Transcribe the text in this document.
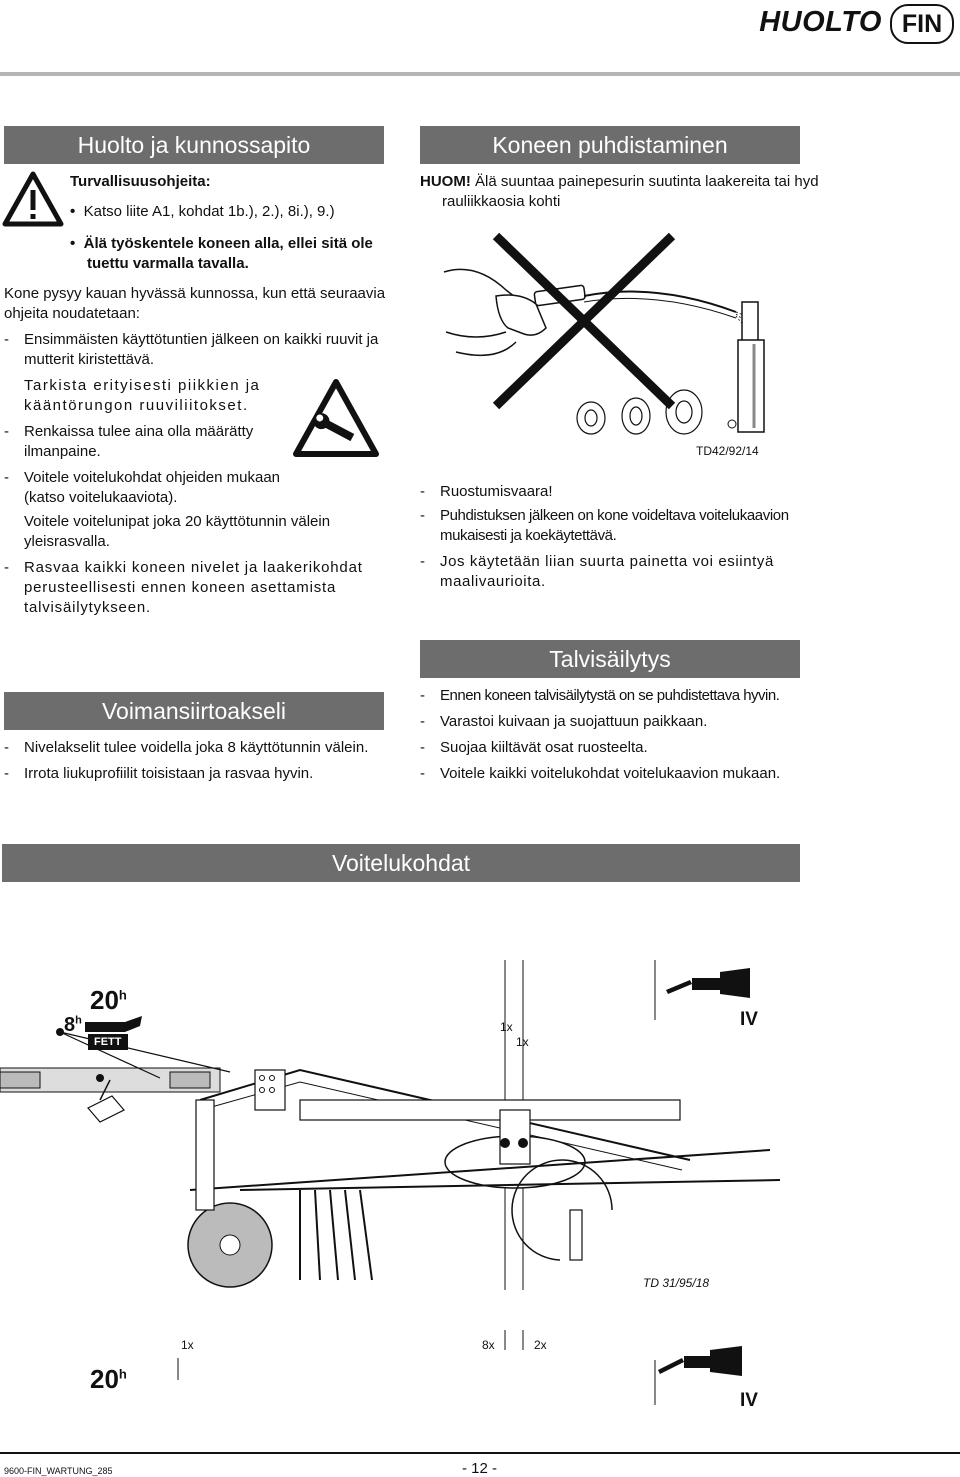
HUOLTO FIN
Huolto ja kunnossapito
Turvallisuusohjeita:
• Katso liite A1, kohdat 1b.), 2.), 8i.), 9.)
• Älä työskentele koneen alla, ellei sitä ole tuettu varmalla tavalla.
Kone pysyy kauan hyvässä kunnossa, kun että seuraavia ohjeita noudatetaan:
- Ensimmäisten käyttötuntien jälkeen on kaikki ruuvit ja mutterit kiristettävä.
Tarkista erityisesti piikkien ja kääntörungon ruuviliitokset.
- Renkaissa tulee aina olla määrätty ilmanpaine.
- Voitele voitelukohdat ohjeiden mukaan (katso voitelukaaviota).
Voitele voitelunipat joka 20 käyttötunnin välein yleisrasvalla.
- Rasvaa kaikki koneen nivelet ja laakerikohdat perusteellisesti ennen koneen asettamista talvisäilytykseen.
Voimansiirtoakseli
- Nivelakselit tulee voidella joka 8 käyttötunnin välein.
- Irrota liukuprofiilit toisistaan ja rasvaa hyvin.
Koneen puhdistaminen
HUOM! Älä suuntaa painepesurin suutinta laakereita tai hyd rauliikkaosia kohti
TD42/92/14
- Ruostumisvaara!
- Puhdistuksen jälkeen on kone voideltava voitelukaavion mukaisesti ja koekäytettävä.
- Jos käytetään liian suurta painetta voi esiintyä maalivaurioita.
Talvisäilytys
- Ennen koneen talvisäilytystä on se puhdistettava hyvin.
- Varastoi kuivaan ja suojattuun paikkaan.
- Suojaa kiiltävät osat ruosteelta.
- Voitele kaikki voitelukohdat voitelukaavion mukaan.
Voitelukohdat
20$^h$
8$^h$
FETT
1x
1x
IV
TD 31/95/18
1x	8x	2x
20$^h$
IV
9600-FIN_WARTUNG_285	- 12 -
